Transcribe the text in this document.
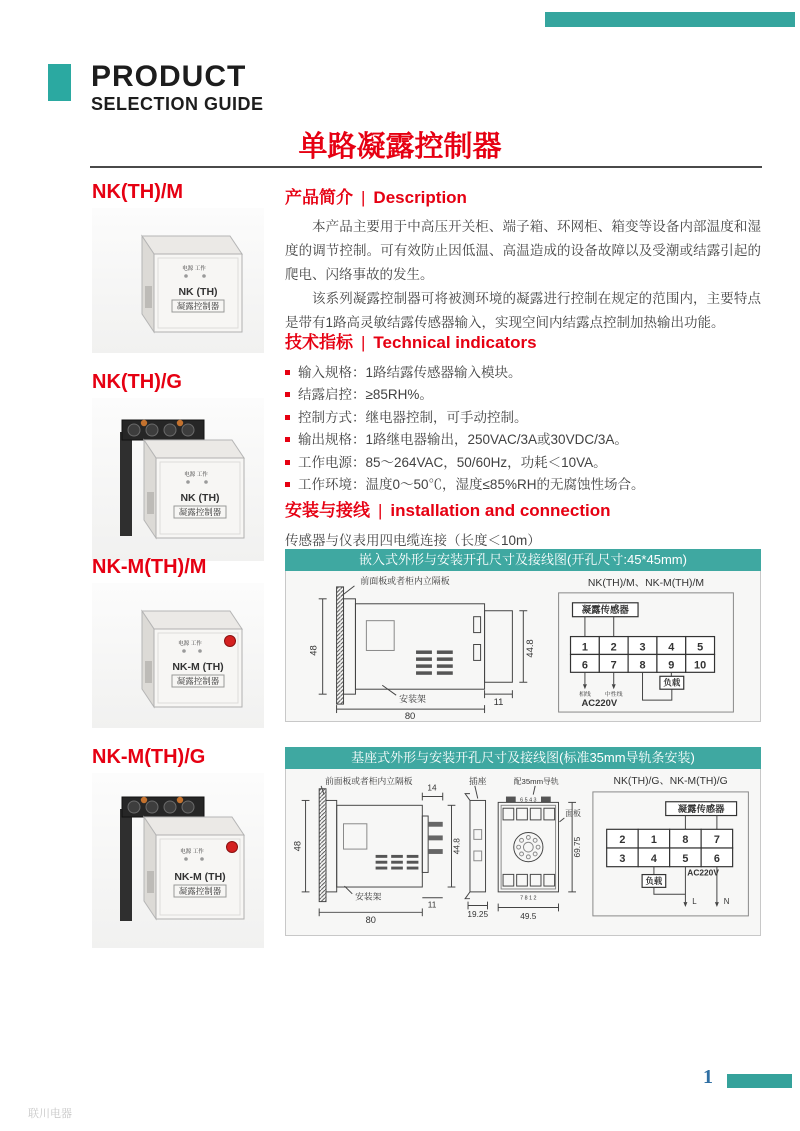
PRODUCT
SELECTION GUIDE
单路凝露控制器
NK(TH)/M
电源 工作
NK (TH)
凝露控制器
NK(TH)/G
电源 工作
NK (TH)
凝露控制器
NK-M(TH)/M
电源 工作
NK-M (TH)
凝露控制器
NK-M(TH)/G
电源 工作
NK-M (TH)
凝露控制器
产品简介 | Description

本产品主要用于中高压开关柜、端子箱、环网柜、箱变等设备内部温度和湿度的调节控制。可有效防止因低温、高温造成的设备故障以及受潮或结露引起的爬电、闪络事故的发生。

该系列凝露控制器可将被测环境的凝露进行控制在规定的范围内，主要特点是带有1路高灵敏结露传感器输入，实现空间内结露点控制加热输出功能。

技术指标 | Technical indicators
输入规格：1路结露传感器输入模块。
结露启控：≥85RH%。
控制方式：继电器控制，可手动控制。
输出规格：1路继电器输出，250VAC/3A或30VDC/3A。
工作电源：85～264VAC，50/60Hz，功耗＜10VA。
工作环境：温度0～50℃，湿度≤85%RH的无腐蚀性场合。
安装与接线 | installation and connection
传感器与仪表用四电缆连接（长度＜10m）
嵌入式外形与安装开孔尺寸及接线图(开孔尺寸:45*45mm)
前面板或者柜内立隔板
48	44.8
11
80
安装架
NK(TH)/M、NK-M(TH)/M
凝露传感器
1 2 3 4 5
6 7 8 9 10
相线 中性线
AC220V
负载
基座式外形与安装开孔尺寸及接线图(标准35mm导轨条安装)
前面板或者柜内立隔板
48
14
44.8
11
80
安装架
插座
19.25
配35mm导轨
6 5 4 3
7 8 1 2
49.5
面板
69.75
NK(TH)/G、NK-M(TH)/G
凝露传感器
2 1 8 7
3 4 5 6
负载
AC220V
L	N
1
联川电器
